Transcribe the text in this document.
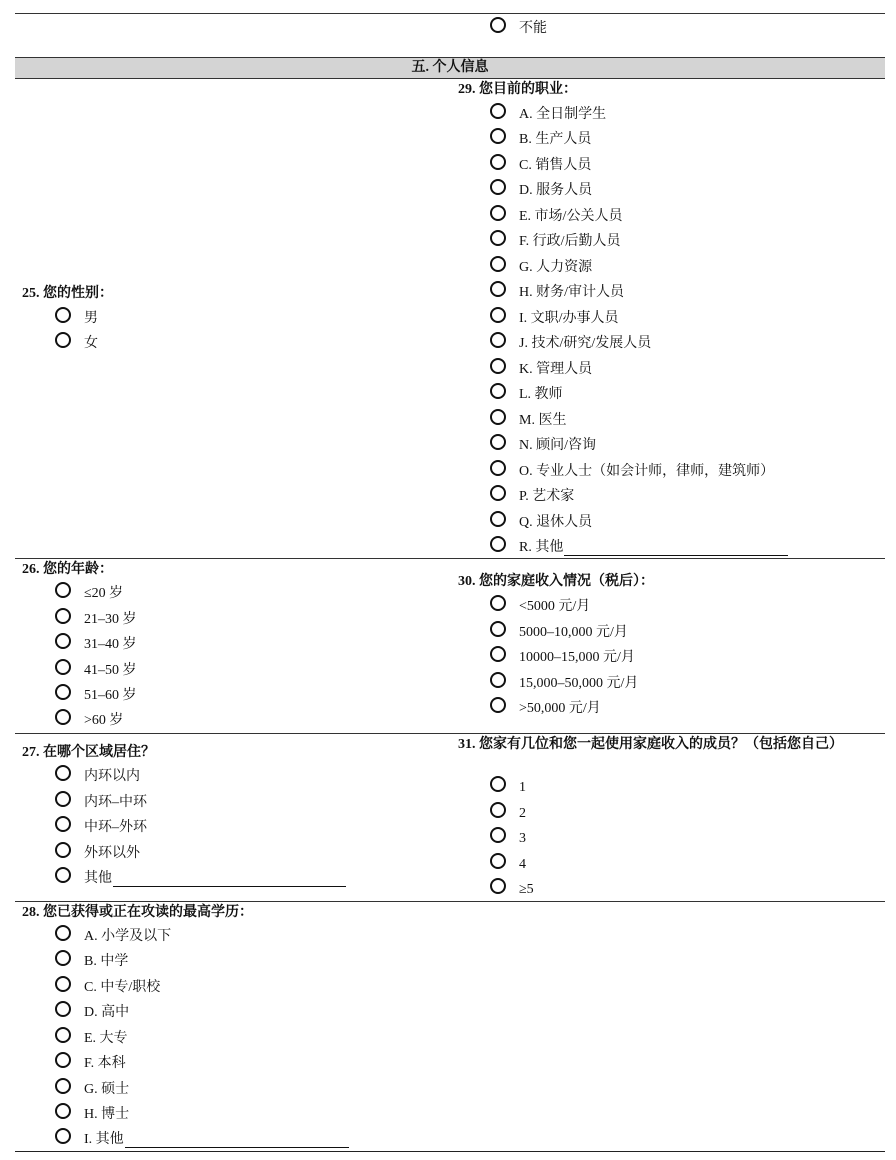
不能
五. 个人信息
25. 您的性别：
男
女
29. 您目前的职业：
A. 全日制学生
B. 生产人员
C. 销售人员
D. 服务人员
E. 市场/公关人员
F. 行政/后勤人员
G. 人力资源
H. 财务/审计人员
I. 文职/办事人员
J. 技术/研究/发展人员
K. 管理人员
L. 教师
M. 医生
N. 顾问/咨询
O. 专业人士（如会计师，律师，建筑师）
P. 艺术家
Q. 退休人员
R. 其他
26. 您的年龄：
≤20 岁
21–30 岁
31–40 岁
41–50 岁
51–60 岁
>60 岁
30. 您的家庭收入情况（税后）：
<5000 元/月
5000–10,000 元/月
10000–15,000 元/月
15,000–50,000 元/月
>50,000 元/月
27. 在哪个区域居住？
内环以内
内环–中环
中环–外环
外环以外
其他
31. 您家有几位和您一起使用家庭收入的成员？（包括您自己）
1
2
3
4
≥5
28. 您已获得或正在攻读的最高学历：
A. 小学及以下
B. 中学
C. 中专/职校
D. 高中
E. 大专
F. 本科
G. 硕士
H. 博士
I. 其他
